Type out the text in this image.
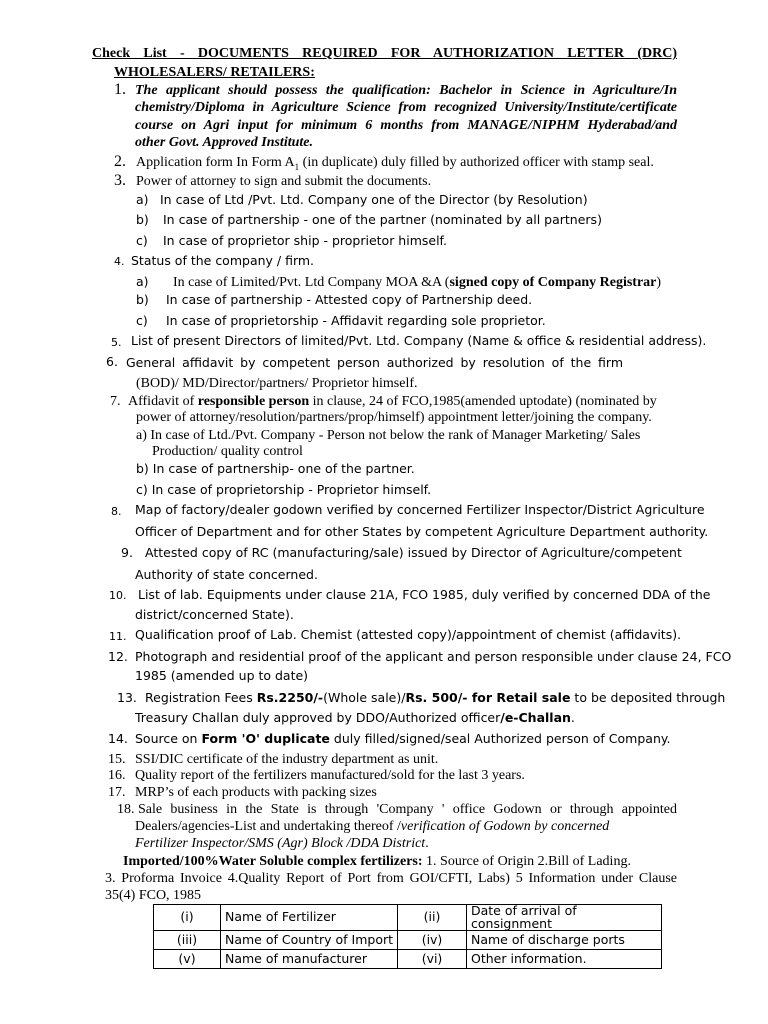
Check List - DOCUMENTS REQUIRED FOR AUTHORIZATION LETTER (DRC)
WHOLESALERS/ RETAILERS:
1. The applicant should possess the qualification: Bachelor in Science in Agriculture/In
chemistry/Diploma in Agriculture Science from recognized University/Institute/certificate
course on Agri input for minimum 6 months from MANAGE/NIPHM Hyderabad/and
other Govt. Approved Institute.
2. Application form In Form $A_1$ (in duplicate) duly filled by authorized officer with stamp seal.
3. Power of attorney to sign and submit the documents.
a) In case of Ltd /Pvt. Ltd. Company one of the Director (by Resolution)
b) In case of partnership - one of the partner (nominated by all partners)
c) In case of proprietor ship - proprietor himself.
4. Status of the company / firm.
a) In case of Limited/Pvt. Ltd Company MOA &A (signed copy of Company Registrar)
b) In case of partnership - Attested copy of Partnership deed.
c) In case of proprietorship - Affidavit regarding sole proprietor.
5. List of present Directors of limited/Pvt. Ltd. Company (Name & office & residential address).
6. General affidavit by competent person authorized by resolution of the firm
(BOD)/ MD/Director/partners/ Proprietor himself.
7. Affidavit of responsible person in clause, 24 of FCO,1985(amended uptodate) (nominated by
power of attorney/resolution/partners/prop/himself) appointment letter/joining the company.
a) In case of Ltd./Pvt. Company - Person not below the rank of Manager Marketing/ Sales
Production/ quality control
b) In case of partnership- one of the partner.
c) In case of proprietorship - Proprietor himself.
8. Map of factory/dealer godown verified by concerned Fertilizer Inspector/District Agriculture
Officer of Department and for other States by competent Agriculture Department authority.
9. Attested copy of RC (manufacturing/sale) issued by Director of Agriculture/competent
Authority of state concerned.
10. List of lab. Equipments under clause 21A, FCO 1985, duly verified by concerned DDA of the
district/concerned State).
11. Qualification proof of Lab. Chemist (attested copy)/appointment of chemist (affidavits).
12. Photograph and residential proof of the applicant and person responsible under clause 24, FCO
1985 (amended up to date)
13. Registration Fees Rs.2250/-(Whole sale)/Rs. 500/- for Retail sale to be deposited through
Treasury Challan duly approved by DDO/Authorized officer/e-Challan.
14. Source on Form 'O' duplicate duly filled/signed/seal Authorized person of Company.
15. SSI/DIC certificate of the industry department as unit.
16. Quality report of the fertilizers manufactured/sold for the last 3 years.
17. MRP’s of each products with packing sizes
18. Sale business in the State is through 'Company ' office Godown or through appointed
Dealers/agencies-List and undertaking thereof /verification of Godown by concerned
Fertilizer Inspector/SMS (Agr) Block /DDA District.
Imported/100%Water Soluble complex fertilizers: 1. Source of Origin 2.Bill of Lading.
3. Proforma Invoice 4.Quality Report of Port from GOI/CFTI, Labs) 5 Information under Clause
35(4) FCO, 1985
(i)	Name of Fertilizer	(ii)	Date of arrival of consignment
(iii)	Name of Country of Import	(iv)	Name of discharge ports
(v)	Name of manufacturer	(vi)	Other information.
